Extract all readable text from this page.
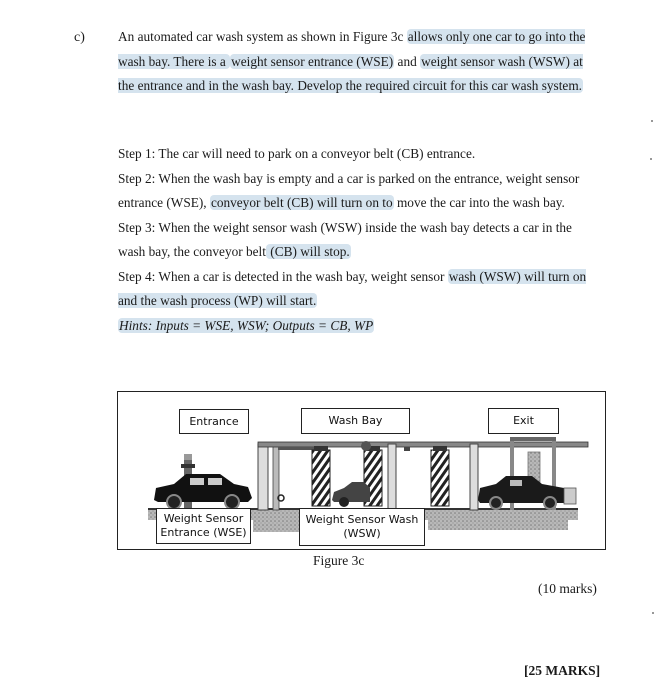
c) An automated car wash system as shown in Figure 3c allows only one car to go into the wash bay. There is a weight sensor entrance (WSE) and weight sensor wash (WSW) at the entrance and in the wash bay. Develop the required circuit for this car wash system.

Step 1: The car will need to park on a conveyor belt (CB) entrance.

Step 2: When the wash bay is empty and a car is parked on the entrance, weight sensor entrance (WSE), conveyor belt (CB) will turn on to move the car into the wash bay.

Step 3: When the weight sensor wash (WSW) inside the wash bay detects a car in the wash bay, the conveyor belt (CB) will stop.

Step 4: When a car is detected in the wash bay, weight sensor wash (WSW) will turn on and the wash process (WP) will start.

Hints: Inputs = WSE, WSW; Outputs = CB, WP

Entrance	Wash Bay	Exit
Weight Sensor
Entrance (WSE)
Weight Sensor Wash
(WSW)
Figure 3c
(10 marks)
[25 MARKS]
